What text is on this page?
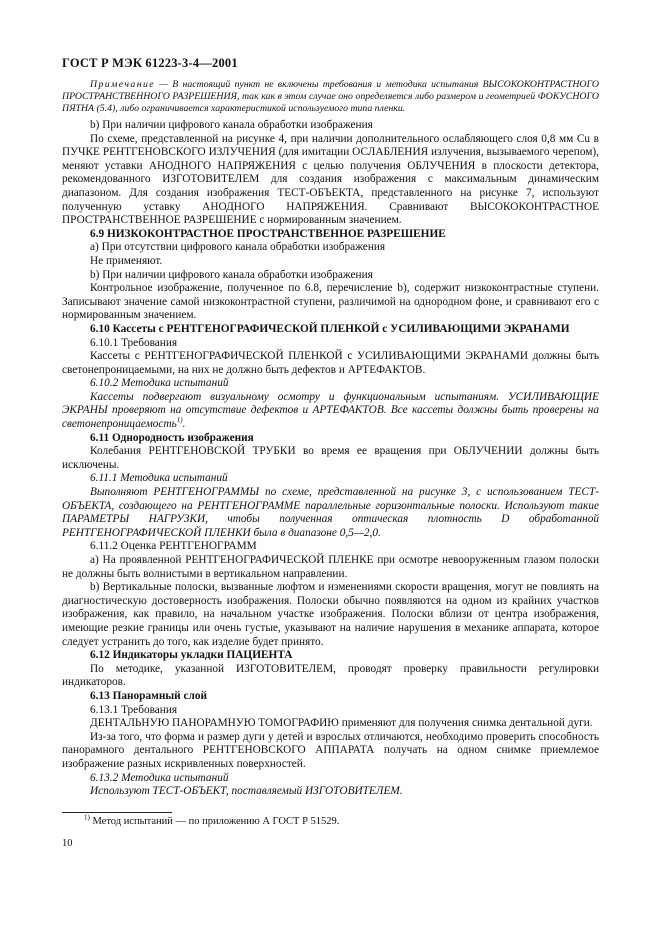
ГОСТ Р МЭК 61223-3-4—2001

Примечание — В настоящий пункт не включены требования и методика испытания ВЫСОКОКОНТРАСТНОГО ПРОСТРАНСТВЕННОГО РАЗРЕШЕНИЯ, так как в этом случае оно определяется либо размером и геометрией ФОКУСНОГО ПЯТНА (5.4), либо ограничивается характеристикой используемого типа пленки.

b) При наличии цифрового канала обработки изображения

По схеме, представленной на рисунке 4, при наличии дополнительного ослабляющего слоя 0,8 мм Cu в ПУЧКЕ РЕНТГЕНОВСКОГО ИЗЛУЧЕНИЯ (для имитации ОСЛАБЛЕНИЯ излучения, вызываемого черепом), меняют уставки АНОДНОГО НАПРЯЖЕНИЯ с целью получения ОБЛУЧЕНИЯ в плоскости детектора, рекомендованного ИЗГОТОВИТЕЛЕМ для создания изображения с максимальным динамическим диапазоном. Для создания изображения ТЕСТ-ОБЪЕКТА, представленного на рисунке 7, используют полученную уставку АНОДНОГО НАПРЯЖЕНИЯ. Сравнивают ВЫСОКОКОНТРАСТНОЕ ПРОСТРАНСТВЕННОЕ РАЗРЕШЕНИЕ с нормированным значением.

6.9 НИЗКОКОНТРАСТНОЕ ПРОСТРАНСТВЕННОЕ РАЗРЕШЕНИЕ

a) При отсутствии цифрового канала обработки изображения

Не применяют.

b) При наличии цифрового канала обработки изображения

Контрольное изображение, полученное по 6.8, перечисление b), содержит низкоконтрастные ступени. Записывают значение самой низкоконтрастной ступени, различимой на однородном фоне, и сравнивают его с нормированным значением.

6.10 Кассеты с РЕНТГЕНОГРАФИЧЕСКОЙ ПЛЕНКОЙ с УСИЛИВАЮЩИМИ ЭКРАНАМИ

6.10.1 Требования

Кассеты с РЕНТГЕНОГРАФИЧЕСКОЙ ПЛЕНКОЙ с УСИЛИВАЮЩИМИ ЭКРАНАМИ должны быть светонепроницаемыми, на них не должно быть дефектов и АРТЕФАКТОВ.

6.10.2 Методика испытаний

Кассеты подвергают визуальному осмотру и функциональным испытаниям. УСИЛИВАЮЩИЕ ЭКРАНЫ проверяют на отсутствие дефектов и АРТЕФАКТОВ. Все кассеты должны быть проверены на светонепроницаемость$^{1)}$.

6.11 Однородность изображения

Колебания РЕНТГЕНОВСКОЙ ТРУБКИ во время ее вращения при ОБЛУЧЕНИИ должны быть исключены.

6.11.1 Методика испытаний

Выполняют РЕНТГЕНОГРАММЫ по схеме, представленной на рисунке 3, с использованием ТЕСТ-ОБЪЕКТА, создающего на РЕНТГЕНОГРАММЕ параллельные горизонтальные полоски. Используют такие ПАРАМЕТРЫ НАГРУЗКИ, чтобы полученная оптическая плотность D обработанной РЕНТГЕНОГРАФИЧЕСКОЙ ПЛЕНКИ была в диапазоне 0,5—2,0.

6.11.2 Оценка РЕНТГЕНОГРАММ

a) На проявленной РЕНТГЕНОГРАФИЧЕСКОЙ ПЛЕНКЕ при осмотре невооруженным глазом полоски не должны быть волнистыми в вертикальном направлении.

b) Вертикальные полоски, вызванные люфтом и изменениями скорости вращения, могут не повлиять на диагностическую достоверность изображения. Полоски обычно появляются на одном из крайних участков изображения, как правило, на начальном участке изображения. Полоски вблизи от центра изображения, имеющие резкие границы или очень густые, указывают на наличие нарушения в механике аппарата, которое следует устранить до того, как изделие будет принято.

6.12 Индикаторы укладки ПАЦИЕНТА

По методике, указанной ИЗГОТОВИТЕЛЕМ, проводят проверку правильности регулировки индикаторов.

6.13 Панорамный слой

6.13.1 Требования

ДЕНТАЛЬНУЮ ПАНОРАМНУЮ ТОМОГРАФИЮ применяют для получения снимка дентальной дуги.

Из-за того, что форма и размер дуги у детей и взрослых отличаются, необходимо проверить способность панорамного дентального РЕНТГЕНОВСКОГО АППАРАТА получать на одном снимке приемлемое изображение разных искривленных поверхностей.

6.13.2 Методика испытаний

Используют ТЕСТ-ОБЪЕКТ, поставляемый ИЗГОТОВИТЕЛЕМ.

$^{1)}$ Метод испытаний — по приложению А ГОСТ Р 51529.
10
